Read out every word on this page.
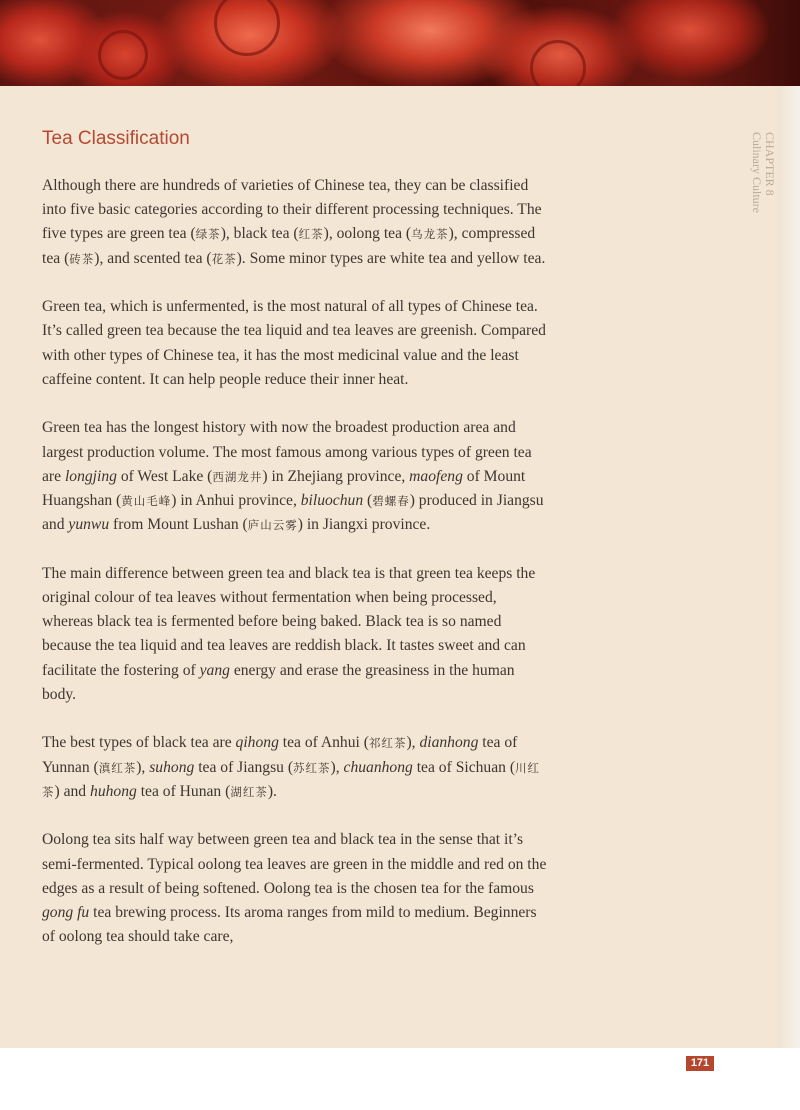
Tea Classification	CHAPTER 8
Culinary Culture

Although there are hundreds of varieties of Chinese tea, they can be classified into five basic categories according to their different processing techniques. The five types are green tea (绿茶), black tea (红茶), oolong tea (乌龙茶), compressed tea (砖茶), and scented tea (花茶). Some minor types are white tea and yellow tea.

Green tea, which is unfermented, is the most natural of all types of Chinese tea. It’s called green tea because the tea liquid and tea leaves are greenish. Compared with other types of Chinese tea, it has the most medicinal value and the least caffeine content. It can help people reduce their inner heat.

Green tea has the longest history with now the broadest production area and largest production volume. The most famous among various types of green tea are longjing of West Lake (西湖龙井) in Zhejiang province, maofeng of Mount Huangshan (黄山毛峰) in Anhui province, biluochun (碧螺春) produced in Jiangsu and yunwu from Mount Lushan (庐山云雾) in Jiangxi province.

The main difference between green tea and black tea is that green tea keeps the original colour of tea leaves without fermentation when being processed, whereas black tea is fermented before being baked. Black tea is so named because the tea liquid and tea leaves are reddish black. It tastes sweet and can facilitate the fostering of yang energy and erase the greasiness in the human body.

The best types of black tea are qihong tea of Anhui (祁红茶), dianhong tea of Yunnan (滇红茶), suhong tea of Jiangsu (苏红茶), chuanhong tea of Sichuan (川红茶) and huhong tea of Hunan (湖红茶).

Oolong tea sits half way between green tea and black tea in the sense that it’s semi-fermented. Typical oolong tea leaves are green in the middle and red on the edges as a result of being softened. Oolong tea is the chosen tea for the famous gong fu tea brewing process. Its aroma ranges from mild to medium. Beginners of oolong tea should take care,

171
